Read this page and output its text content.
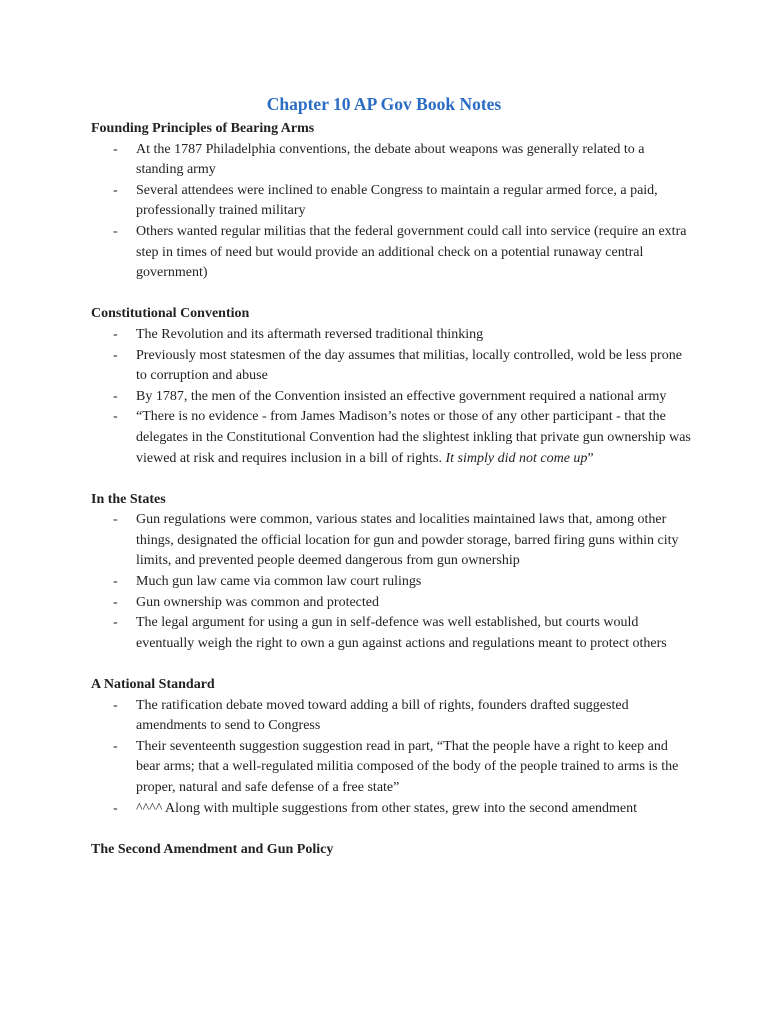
Chapter 10 AP Gov Book Notes

Founding Principles of Bearing Arms

- At the 1787 Philadelphia conventions, the debate about weapons was generally related to a standing army
- Several attendees were inclined to enable Congress to maintain a regular armed force, a paid, professionally trained military
- Others wanted regular militias that the federal government could call into service (require an extra step in times of need but would provide an additional check on a potential runaway central government)

Constitutional Convention

- The Revolution and its aftermath reversed traditional thinking
- Previously most statesmen of the day assumes that militias, locally controlled, wold be less prone to corruption and abuse
- By 1787, the men of the Convention insisted an effective government required a national army
- “There is no evidence - from James Madison’s notes or those of any other participant - that the delegates in the Constitutional Convention had the slightest inkling that private gun ownership was viewed at risk and requires inclusion in a bill of rights. It simply did not come up”

In the States

- Gun regulations were common, various states and localities maintained laws that, among other things, designated the official location for gun and powder storage, barred firing guns within city limits, and prevented people deemed dangerous from gun ownership
- Much gun law came via common law court rulings
- Gun ownership was common and protected
- The legal argument for using a gun in self-defence was well established, but courts would eventually weigh the right to own a gun against actions and regulations meant to protect others

A National Standard

- The ratification debate moved toward adding a bill of rights, founders drafted suggested amendments to send to Congress
- Their seventeenth suggestion suggestion read in part, “That the people have a right to keep and bear arms; that a well-regulated militia composed of the body of the people trained to arms is the proper, natural and safe defense of a free state”
- ^^^^ Along with multiple suggestions from other states, grew into the second amendment

The Second Amendment and Gun Policy
